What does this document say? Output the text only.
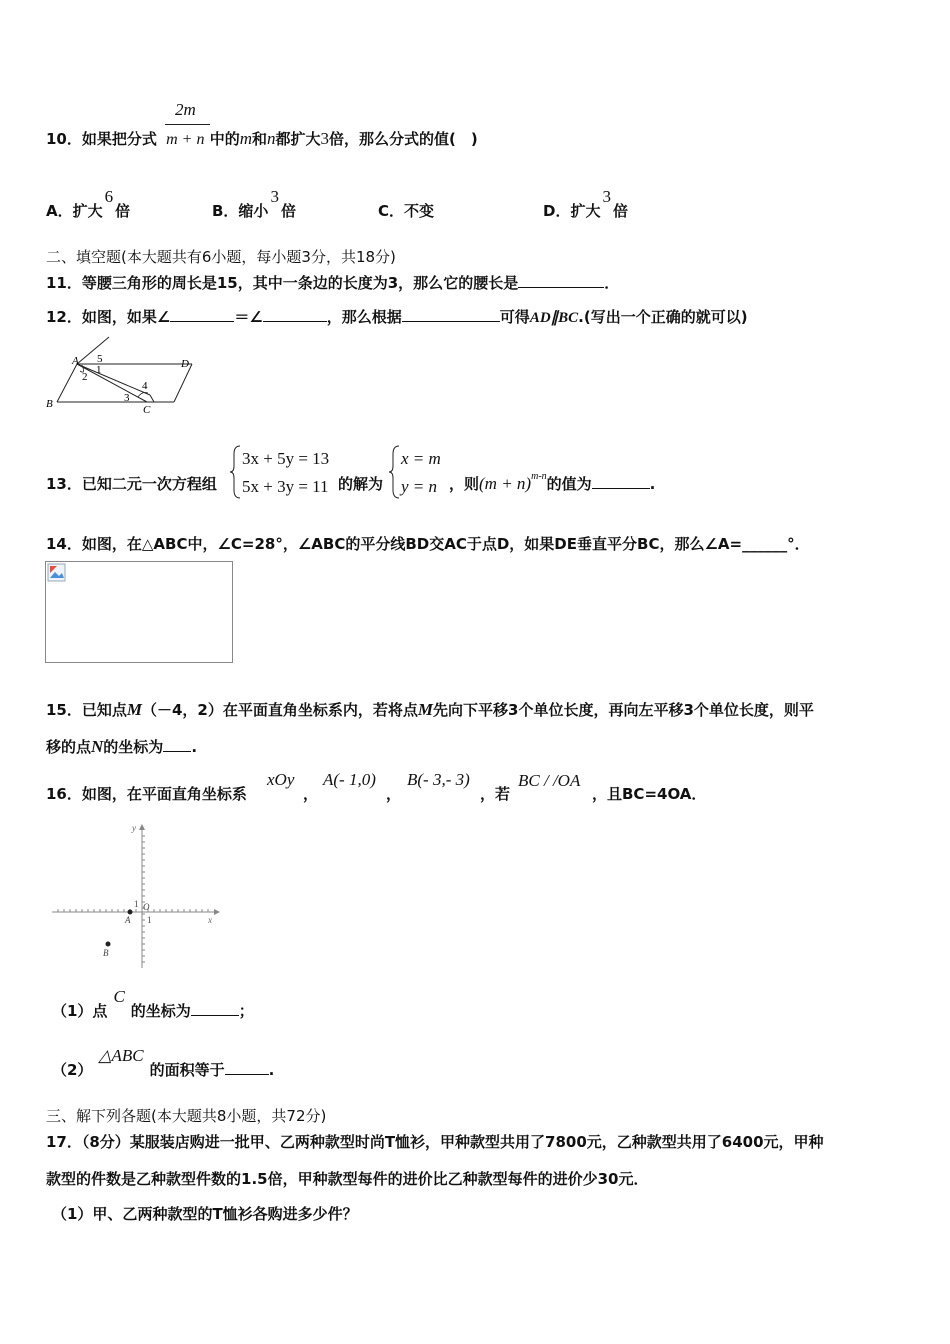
2m
10．如果把分式 m + n 中的m和n都扩大3倍，那么分式的值(　)
A．扩大6倍	B．缩小3倍	C．不变	D．扩大3倍
二、填空题(本大题共有6小题，每小题3分，共18分)
11．等腰三角形的周长是15，其中一条边的长度为3，那么它的腰长是	．
12．如图，如果∠	＝∠	，那么根据	可得AD∥BC.(写出一个正确的就可以)
A
B	C
D
1
2
3
4
5
13．已知二元一次方程组
3x + 5y = 13
5x + 3y = 11 的解为
x = m
y = n ，则$(m + n)^{m-n}$的值为	.
14．如图，在△ABC中，∠C=28°，∠ABC的平分线BD交AC于点D，如果DE垂直平分BC，那么∠A=______°．
15．已知点M（－4，2）在平面直角坐标系内，若将点M先向下平移3个单位长度，再向左平移3个单位长度，则平
移的点N的坐标为 .
16．如图，在平面直角坐标系
xOy
，
A(- 1,0)
，
B(- 3,- 3)
，若
BC / /OA
，且BC=4OA．
y
x
O
1
1
A
B
（1）点C的坐标为	；
（2）△ABC的面积等于	.
三、解下列各题(本大题共8小题，共72分)
17．（8分）某服装店购进一批甲、乙两种款型时尚T恤衫，甲种款型共用了7800元，乙种款型共用了6400元，甲种
款型的件数是乙种款型件数的1.5倍，甲种款型每件的进价比乙种款型每件的进价少30元．
（1）甲、乙两种款型的T恤衫各购进多少件？
